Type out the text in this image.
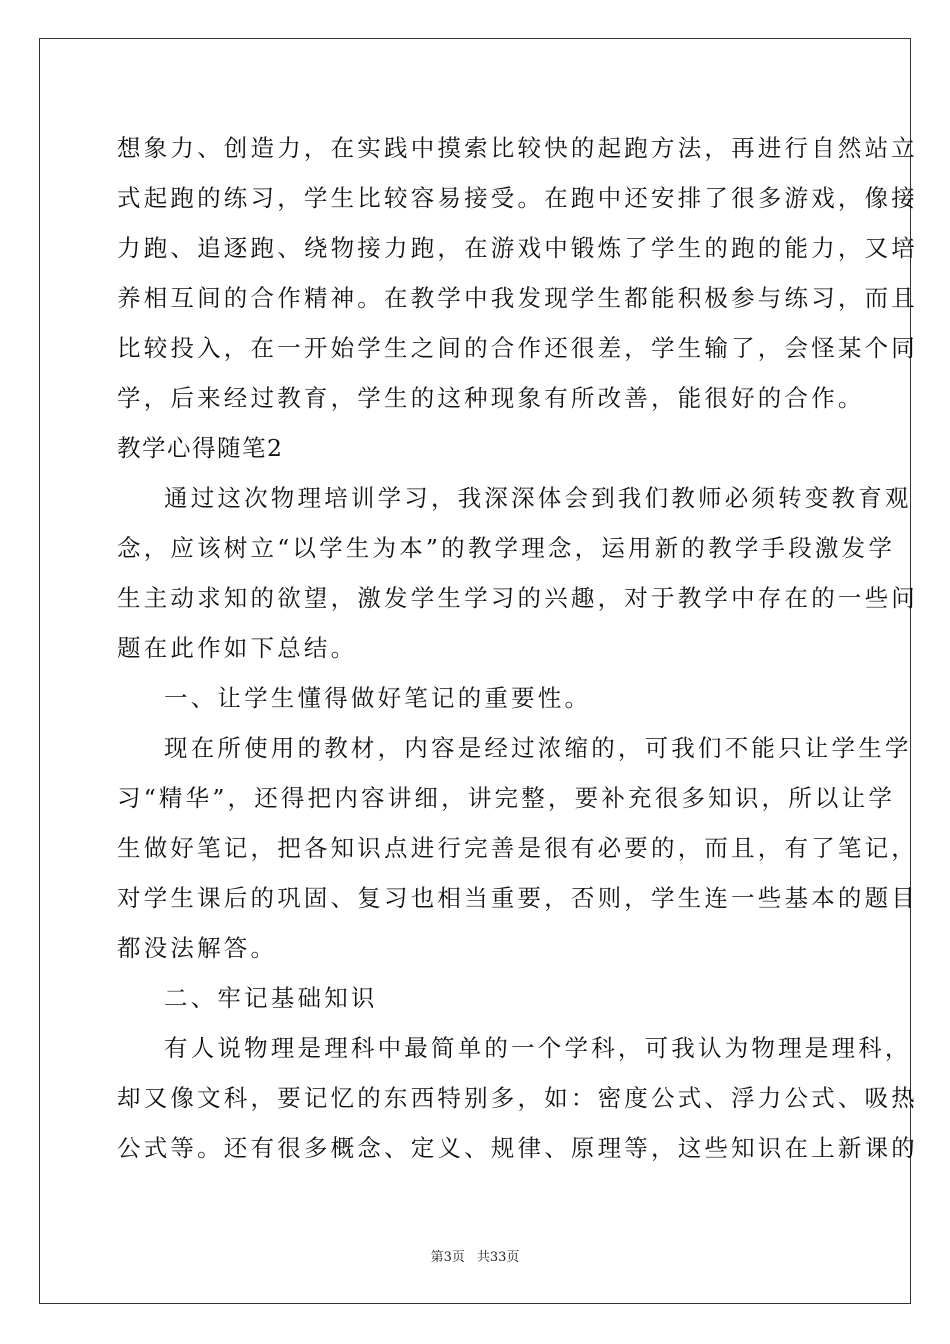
想象力、创造力，在实践中摸索比较快的起跑方法，再进行自然站立

式起跑的练习，学生比较容易接受。在跑中还安排了很多游戏，像接

力跑、追逐跑、绕物接力跑，在游戏中锻炼了学生的跑的能力，又培

养相互间的合作精神。在教学中我发现学生都能积极参与练习，而且

比较投入，在一开始学生之间的合作还很差，学生输了，会怪某个同

学，后来经过教育，学生的这种现象有所改善，能很好的合作。

教学心得随笔2

通过这次物理培训学习，我深深体会到我们教师必须转变教育观

念，应该树立“以学生为本”的教学理念，运用新的教学手段激发学

生主动求知的欲望，激发学生学习的兴趣，对于教学中存在的一些问

题在此作如下总结。

一、让学生懂得做好笔记的重要性。

现在所使用的教材，内容是经过浓缩的，可我们不能只让学生学

习“精华”，还得把内容讲细，讲完整，要补充很多知识，所以让学

生做好笔记，把各知识点进行完善是很有必要的，而且，有了笔记，

对学生课后的巩固、复习也相当重要，否则，学生连一些基本的题目

都没法解答。

二、牢记基础知识

有人说物理是理科中最简单的一个学科，可我认为物理是理科，

却又像文科，要记忆的东西特别多，如：密度公式、浮力公式、吸热

公式等。还有很多概念、定义、规律、原理等，这些知识在上新课的

第3页 共33页
